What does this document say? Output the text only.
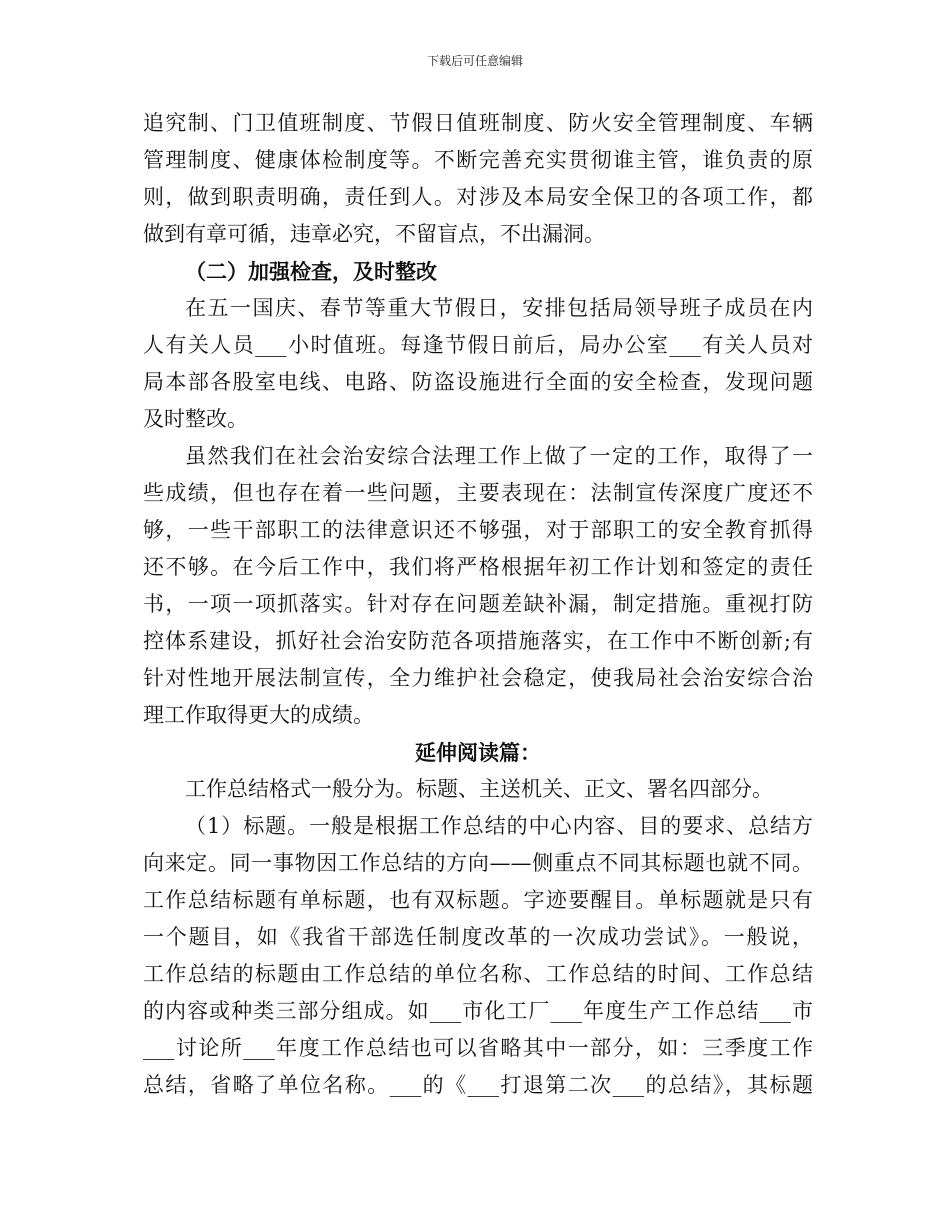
下载后可任意编辑
追究制、门卫值班制度、节假日值班制度、防火安全管理制度、车辆
管理制度、健康体检制度等。不断完善充实贯彻谁主管，谁负责的原
则，做到职责明确，责任到人。对涉及本局安全保卫的各项工作，都
做到有章可循，违章必究，不留盲点，不出漏洞。
（二）加强检查，及时整改
在五一国庆、春节等重大节假日，安排包括局领导班子成员在内
人有关人员___小时值班。每逢节假日前后，局办公室___有关人员对
局本部各股室电线、电路、防盗设施进行全面的安全检查，发现问题
及时整改。
虽然我们在社会治安综合法理工作上做了一定的工作，取得了一
些成绩，但也存在着一些问题，主要表现在：法制宣传深度广度还不
够，一些干部职工的法律意识还不够强，对于部职工的安全教育抓得
还不够。在今后工作中，我们将严格根据年初工作计划和签定的责任
书，一项一项抓落实。针对存在问题差缺补漏，制定措施。重视打防
控体系建设，抓好社会治安防范各项措施落实，在工作中不断创新;有
针对性地开展法制宣传，全力维护社会稳定，使我局社会治安综合治
理工作取得更大的成绩。
延伸阅读篇：
工作总结格式一般分为。标题、主送机关、正文、署名四部分。
（1）标题。一般是根据工作总结的中心内容、目的要求、总结方
向来定。同一事物因工作总结的方向——侧重点不同其标题也就不同。
工作总结标题有单标题，也有双标题。字迹要醒目。单标题就是只有
一个题目，如《我省干部选任制度改革的一次成功尝试》。一般说，
工作总结的标题由工作总结的单位名称、工作总结的时间、工作总结
的内容或种类三部分组成。如___市化工厂___年度生产工作总结___市
___讨论所___年度工作总结也可以省略其中一部分，如：三季度工作
总结，省略了单位名称。___的《___打退第二次___的总结》，其标题
